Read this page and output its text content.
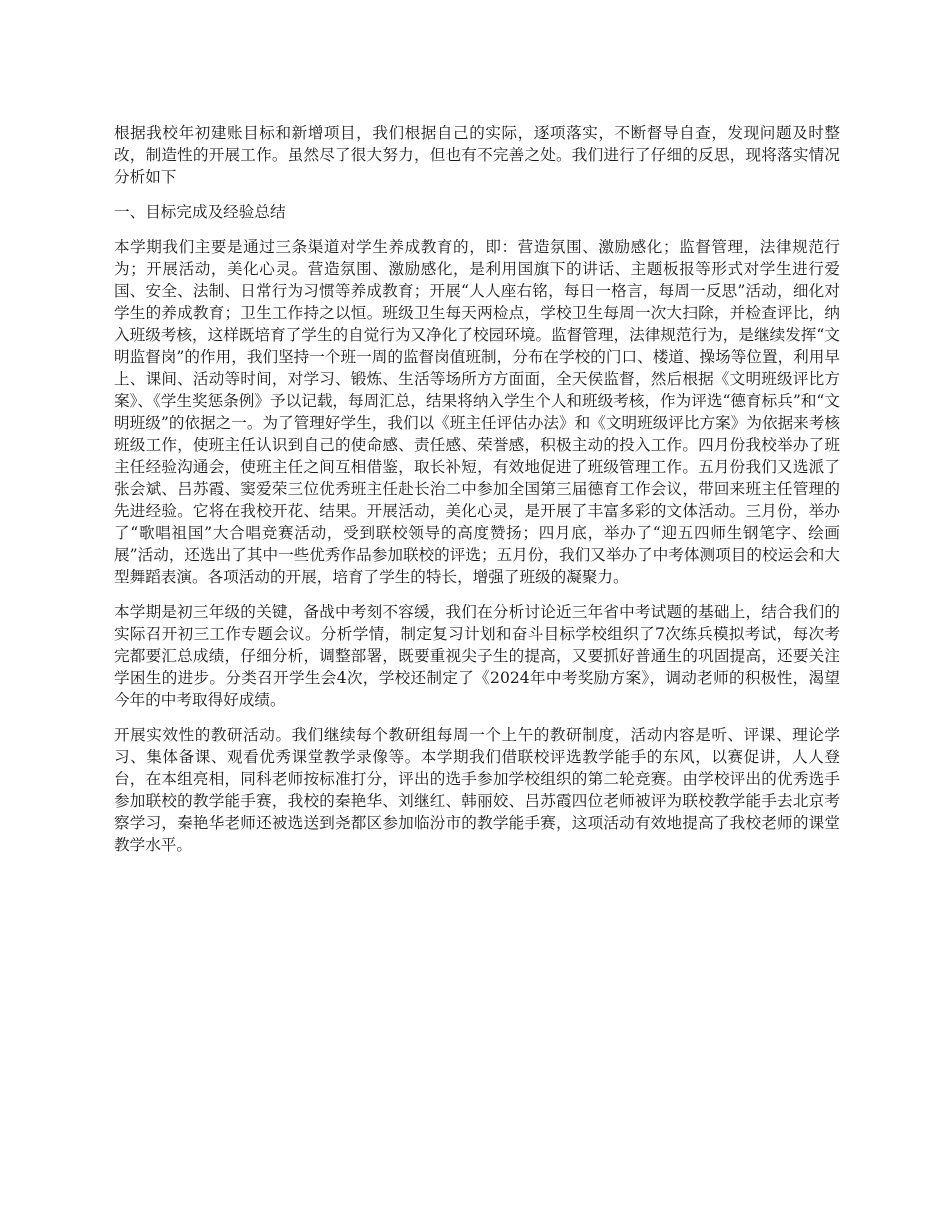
根据我校年初建账目标和新增项目，我们根据自己的实际，逐项落实，不断督导自查，发现问题及时整改，制造性的开展工作。虽然尽了很大努力，但也有不完善之处。我们进行了仔细的反思，现将落实情况分析如下

一、目标完成及经验总结

本学期我们主要是通过三条渠道对学生养成教育的，即：营造氛围、激励感化；监督管理，法律规范行为；开展活动，美化心灵。营造氛围、激励感化，是利用国旗下的讲话、主题板报等形式对学生进行爱国、安全、法制、日常行为习惯等养成教育；开展“人人座右铭，每日一格言，每周一反思”活动，细化对学生的养成教育；卫生工作持之以恒。班级卫生每天两检点，学校卫生每周一次大扫除，并检查评比，纳入班级考核，这样既培育了学生的自觉行为又净化了校园环境。监督管理，法律规范行为，是继续发挥“文明监督岗”的作用，我们坚持一个班一周的监督岗值班制，分布在学校的门口、楼道、操场等位置，利用早上、课间、活动等时间，对学习、锻炼、生活等场所方方面面，全天侯监督，然后根据《文明班级评比方案》、《学生奖惩条例》予以记载，每周汇总，结果将纳入学生个人和班级考核，作为评选“德育标兵”和“文明班级”的依据之一。为了管理好学生，我们以《班主任评估办法》和《文明班级评比方案》为依据来考核班级工作，使班主任认识到自己的使命感、责任感、荣誉感，积极主动的投入工作。四月份我校举办了班主任经验沟通会，使班主任之间互相借鉴，取长补短，有效地促进了班级管理工作。五月份我们又选派了张会斌、吕苏霞、窦爱荣三位优秀班主任赴长治二中参加全国第三届德育工作会议，带回来班主任管理的先进经验。它将在我校开花、结果。开展活动，美化心灵，是开展了丰富多彩的文体活动。三月份，举办了“歌唱祖国”大合唱竞赛活动，受到联校领导的高度赞扬；四月底，举办了“迎五四师生钢笔字、绘画展”活动，还选出了其中一些优秀作品参加联校的评选；五月份，我们又举办了中考体测项目的校运会和大型舞蹈表演。各项活动的开展，培育了学生的特长，增强了班级的凝聚力。

本学期是初三年级的关键，备战中考刻不容缓，我们在分析讨论近三年省中考试题的基础上，结合我们的实际召开初三工作专题会议。分析学情，制定复习计划和奋斗目标学校组织了7次练兵模拟考试，每次考完都要汇总成绩，仔细分析，调整部署，既要重视尖子生的提高，又要抓好普通生的巩固提高，还要关注学困生的进步。分类召开学生会4次，学校还制定了《2024年中考奖励方案》，调动老师的积极性，渴望今年的中考取得好成绩。

开展实效性的教研活动。我们继续每个教研组每周一个上午的教研制度，活动内容是听、评课、理论学习、集体备课、观看优秀课堂教学录像等。本学期我们借联校评选教学能手的东风，以赛促讲，人人登台，在本组亮相，同科老师按标准打分，评出的选手参加学校组织的第二轮竞赛。由学校评出的优秀选手参加联校的教学能手赛，我校的秦艳华、刘继红、韩丽姣、吕苏霞四位老师被评为联校教学能手去北京考察学习，秦艳华老师还被选送到尧都区参加临汾市的教学能手赛，这项活动有效地提高了我校老师的课堂教学水平。
